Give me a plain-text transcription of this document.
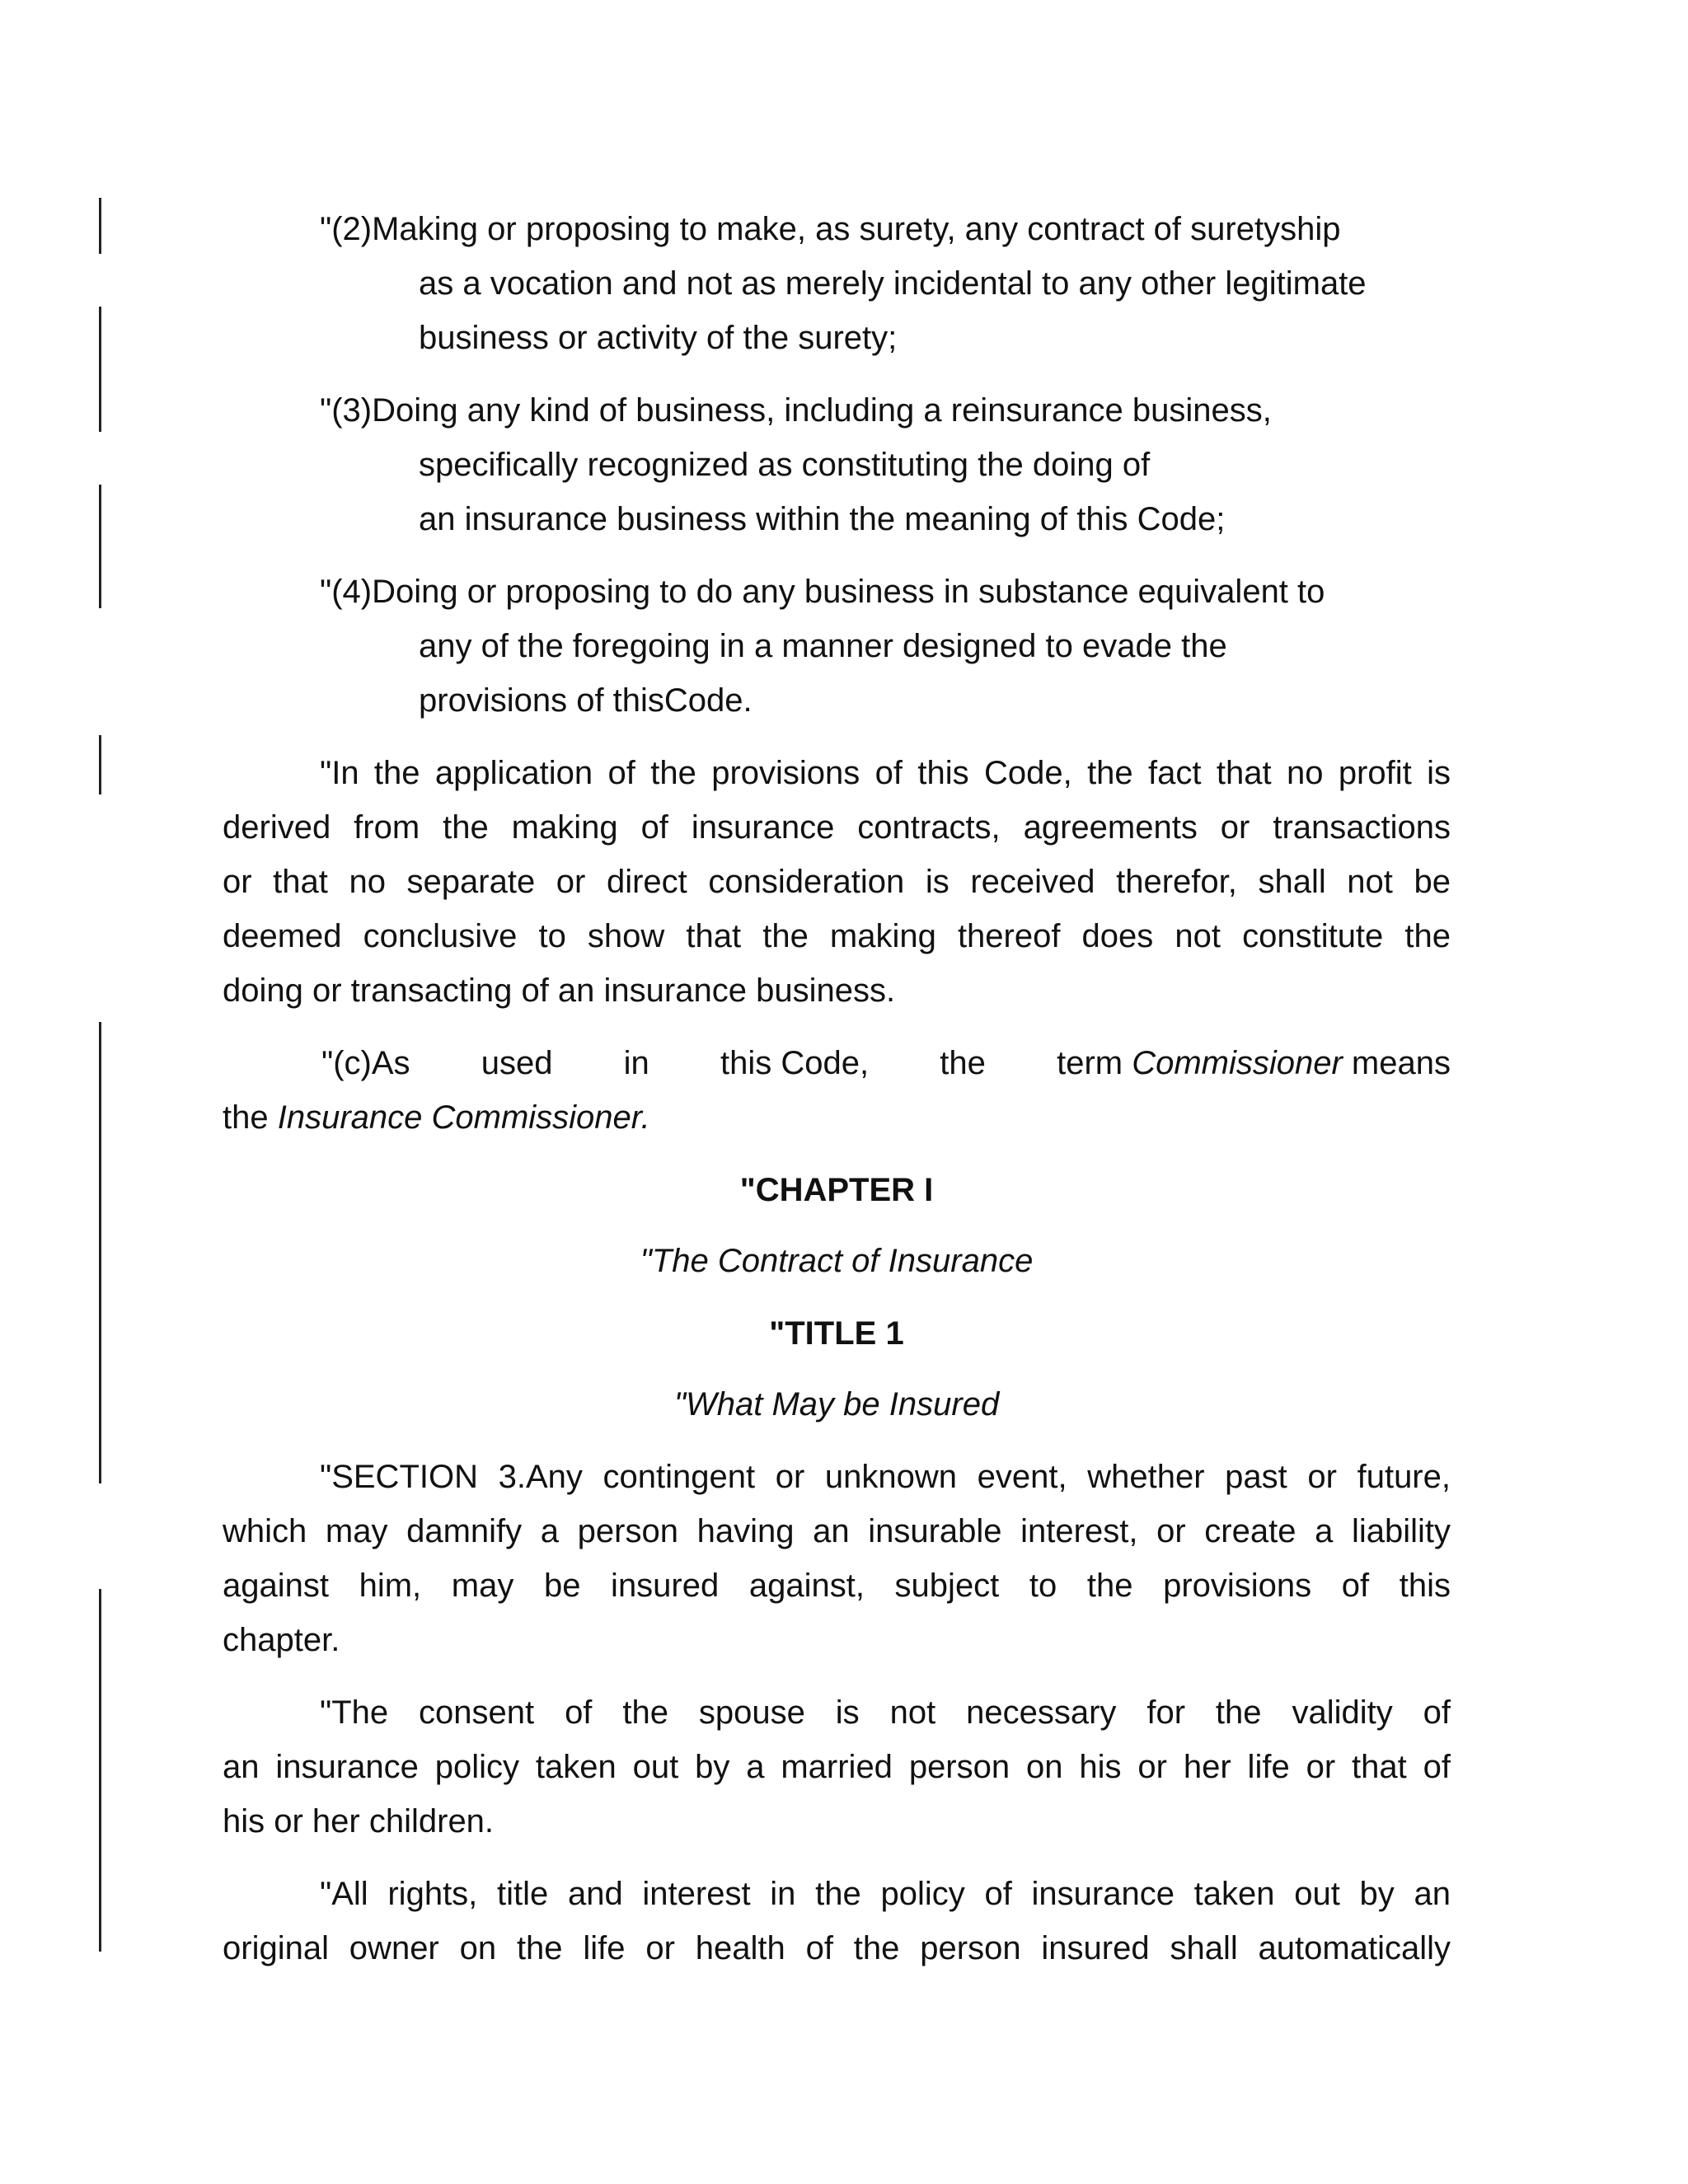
"(2)Making or proposing to make, as surety, any contract of suretyship

as a vocation and not as merely incidental to any other legitimate

business or activity of the surety;

"(3)Doing any kind of business, including a reinsurance business,

specifically recognized as constituting the doing of

an insurance business within the meaning of this Code;

"(4)Doing or proposing to do any business in substance equivalent to

any of the foregoing in a manner designed to evade the

provisions of thisCode.

"In the application of the provisions of this Code, the fact that no profit is

derived from the making of insurance contracts, agreements or transactions

or that no separate or direct consideration is received therefor, shall not be

deemed conclusive to show that the making thereof does not constitute the

doing or transacting of an insurance business.

"(c)As used in this Code, the term Commissioner means

the Insurance Commissioner.

"CHAPTER I

"The Contract of Insurance

"TITLE 1

"What May be Insured

"SECTION 3.Any contingent or unknown event, whether past or future,

which may damnify a person having an insurable interest, or create a liability

against him, may be insured against, subject to the provisions of this

chapter.

"The consent of the spouse is not necessary for the validity of

an insurance policy taken out by a married person on his or her life or that of

his or her children.

"All rights, title and interest in the policy of insurance taken out by an

original owner on the life or health of the person insured shall automatically
